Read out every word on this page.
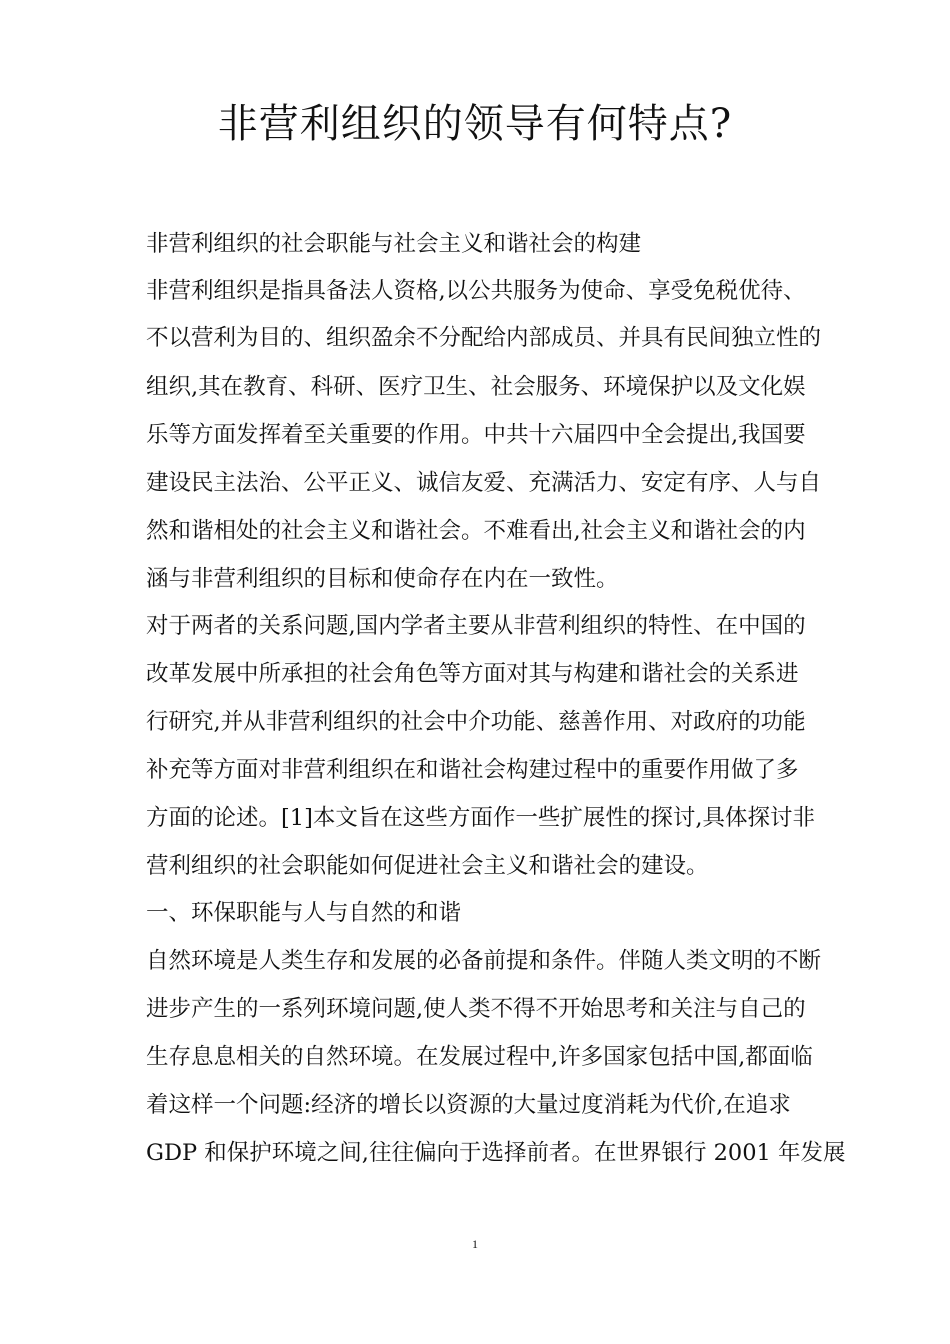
非营利组织的领导有何特点?

非营利组织的社会职能与社会主义和谐社会的构建

非营利组织是指具备法人资格,以公共服务为使命、享受免税优待、

不以营利为目的、组织盈余不分配给内部成员、并具有民间独立性的

组织,其在教育、科研、医疗卫生、社会服务、环境保护以及文化娱

乐等方面发挥着至关重要的作用。中共十六届四中全会提出,我国要

建设民主法治、公平正义、诚信友爱、充满活力、安定有序、人与自

然和谐相处的社会主义和谐社会。不难看出,社会主义和谐社会的内

涵与非营利组织的目标和使命存在内在一致性。

对于两者的关系问题,国内学者主要从非营利组织的特性、在中国的

改革发展中所承担的社会角色等方面对其与构建和谐社会的关系进

行研究,并从非营利组织的社会中介功能、慈善作用、对政府的功能

补充等方面对非营利组织在和谐社会构建过程中的重要作用做了多

方面的论述。[1]本文旨在这些方面作一些扩展性的探讨,具体探讨非

营利组织的社会职能如何促进社会主义和谐社会的建设。

一、环保职能与人与自然的和谐

自然环境是人类生存和发展的必备前提和条件。伴随人类文明的不断

进步产生的一系列环境问题,使人类不得不开始思考和关注与自己的

生存息息相关的自然环境。在发展过程中,许多国家包括中国,都面临

着这样一个问题:经济的增长以资源的大量过度消耗为代价,在追求

GDP 和保护环境之间,往往偏向于选择前者。在世界银行 2001 年发展

1
